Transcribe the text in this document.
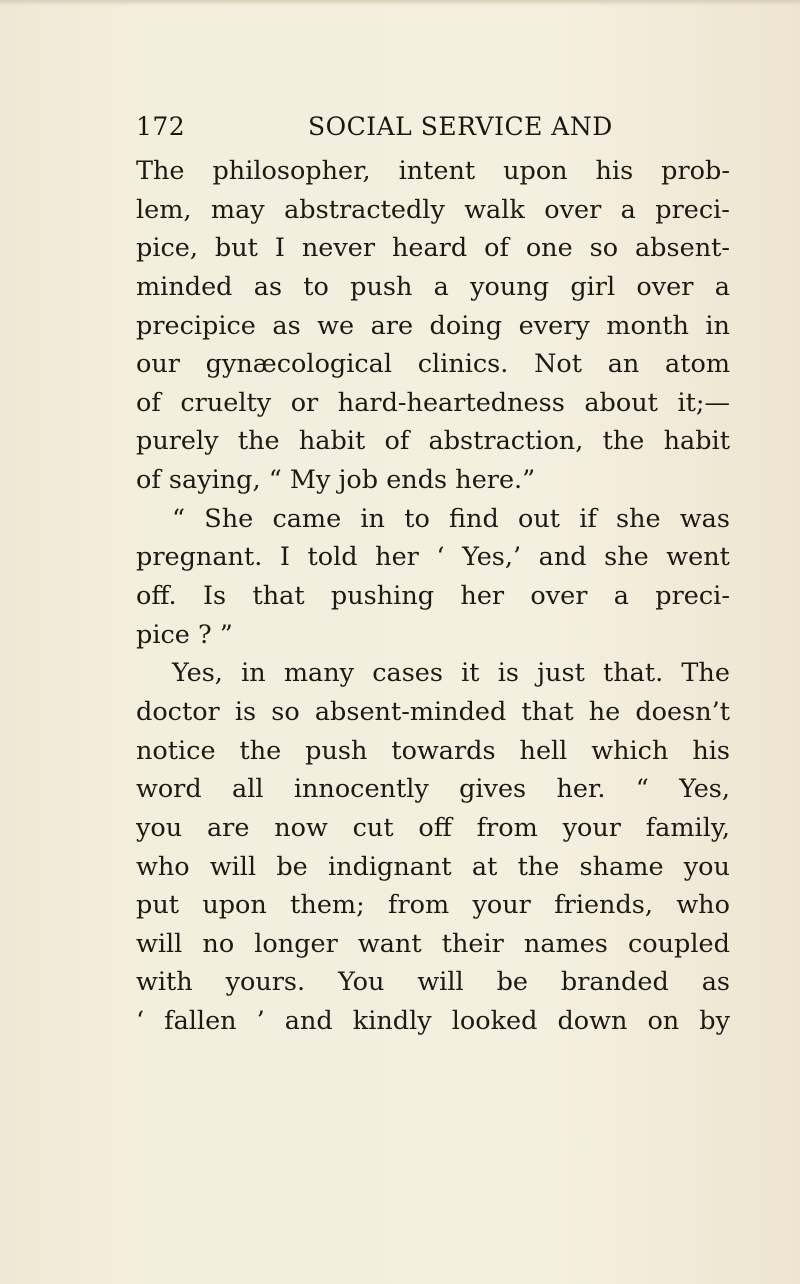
172	SOCIAL SERVICE AND
The philosopher, intent upon his prob-
lem, may abstractedly walk over a preci-
pice, but I never heard of one so absent-
minded as to push a young girl over a
precipice as we are doing every month in
our gynæcological clinics. Not an atom
of cruelty or hard-heartedness about it;—
purely the habit of abstraction, the habit
of
saying,
“
My
job
ends
here.”
“ She came in to find out if she was
pregnant. I told her ‘ Yes,’ and she went
off. Is that pushing her over a preci-
pice
?
”
Yes, in many cases it is just that. The
doctor is so absent-minded that he doesn’t
notice the push towards hell which his
word all innocently gives her. “ Yes,
you are now cut off from your family,
who will be indignant at the shame you
put upon them; from your friends, who
will no longer want their names coupled
with yours. You will be branded as
‘ fallen ’ and kindly looked down on by
